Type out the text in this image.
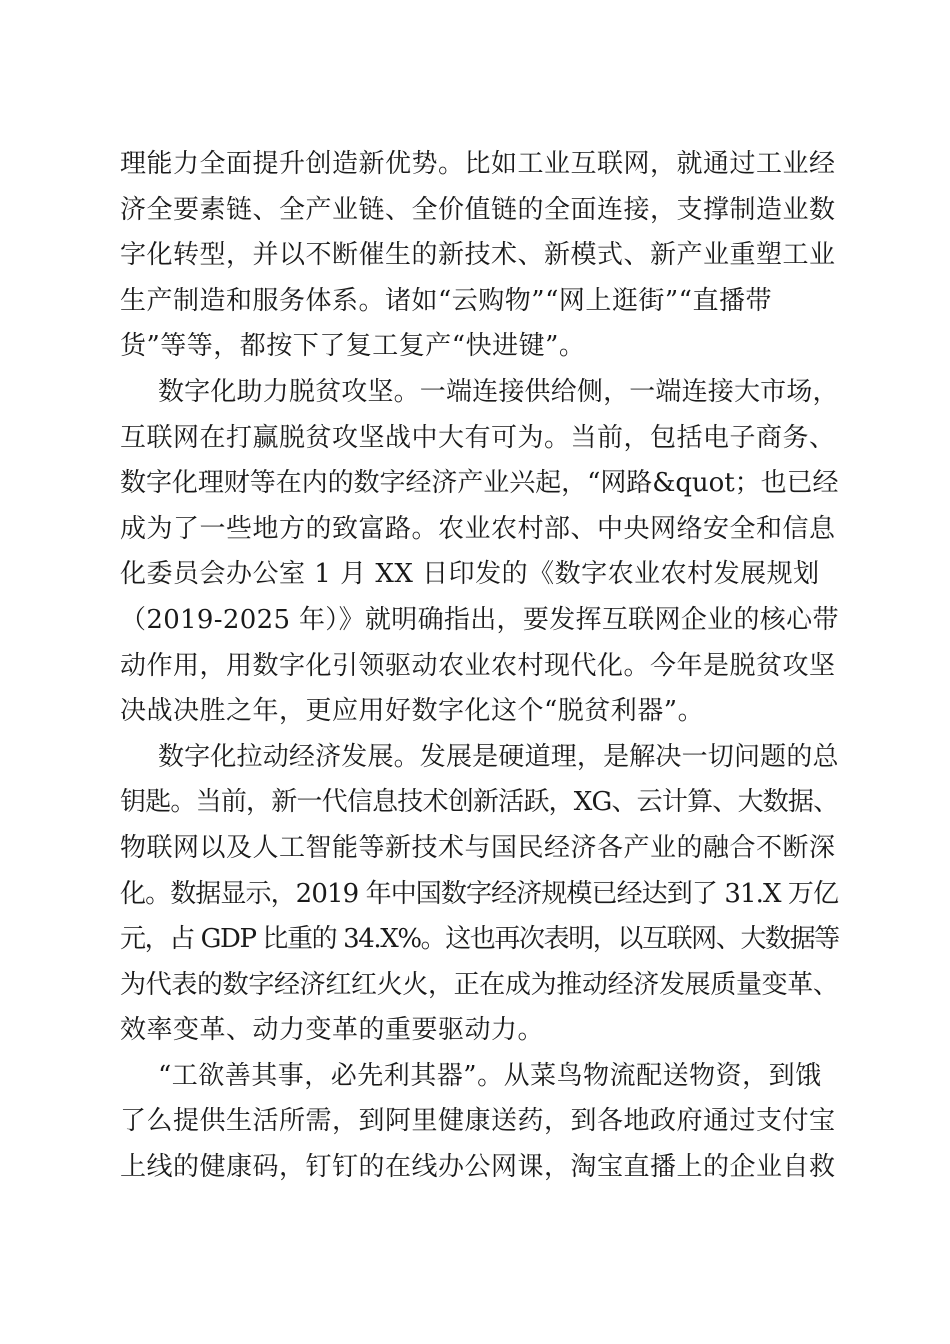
理能力全面提升创造新优势。比如工业互联网，就通过工业经
济全要素链、全产业链、全价值链的全面连接，支撑制造业数
字化转型，并以不断催生的新技术、新模式、新产业重塑工业
生产制造和服务体系。诸如“云购物”“网上逛街”“直播带
货”等等，都按下了复工复产“快进键”。
数字化助力脱贫攻坚。一端连接供给侧，一端连接大市场，
互联网在打赢脱贫攻坚战中大有可为。当前，包括电子商务、
数字化理财等在内的数字经济产业兴起，“网路&quot；也已经
成为了一些地方的致富路。农业农村部、中央网络安全和信息
化委员会办公室 1 月 XX 日印发的《数字农业农村发展规划
（2019-2025 年）》就明确指出，要发挥互联网企业的核心带
动作用，用数字化引领驱动农业农村现代化。今年是脱贫攻坚
决战决胜之年，更应用好数字化这个“脱贫利器”。
数字化拉动经济发展。发展是硬道理，是解决一切问题的总
钥匙。当前，新一代信息技术创新活跃，XG、云计算、大数据、
物联网以及人工智能等新技术与国民经济各产业的融合不断深
化。数据显示，2019 年中国数字经济规模已经达到了 31.X 万亿
元，占 GDP 比重的 34.X%。这也再次表明，以互联网、大数据等
为代表的数字经济红红火火，正在成为推动经济发展质量变革、
效率变革、动力变革的重要驱动力。
“工欲善其事，必先利其器”。从菜鸟物流配送物资，到饿
了么提供生活所需，到阿里健康送药，到各地政府通过支付宝
上线的健康码，钉钉的在线办公网课，淘宝直播上的企业自救
